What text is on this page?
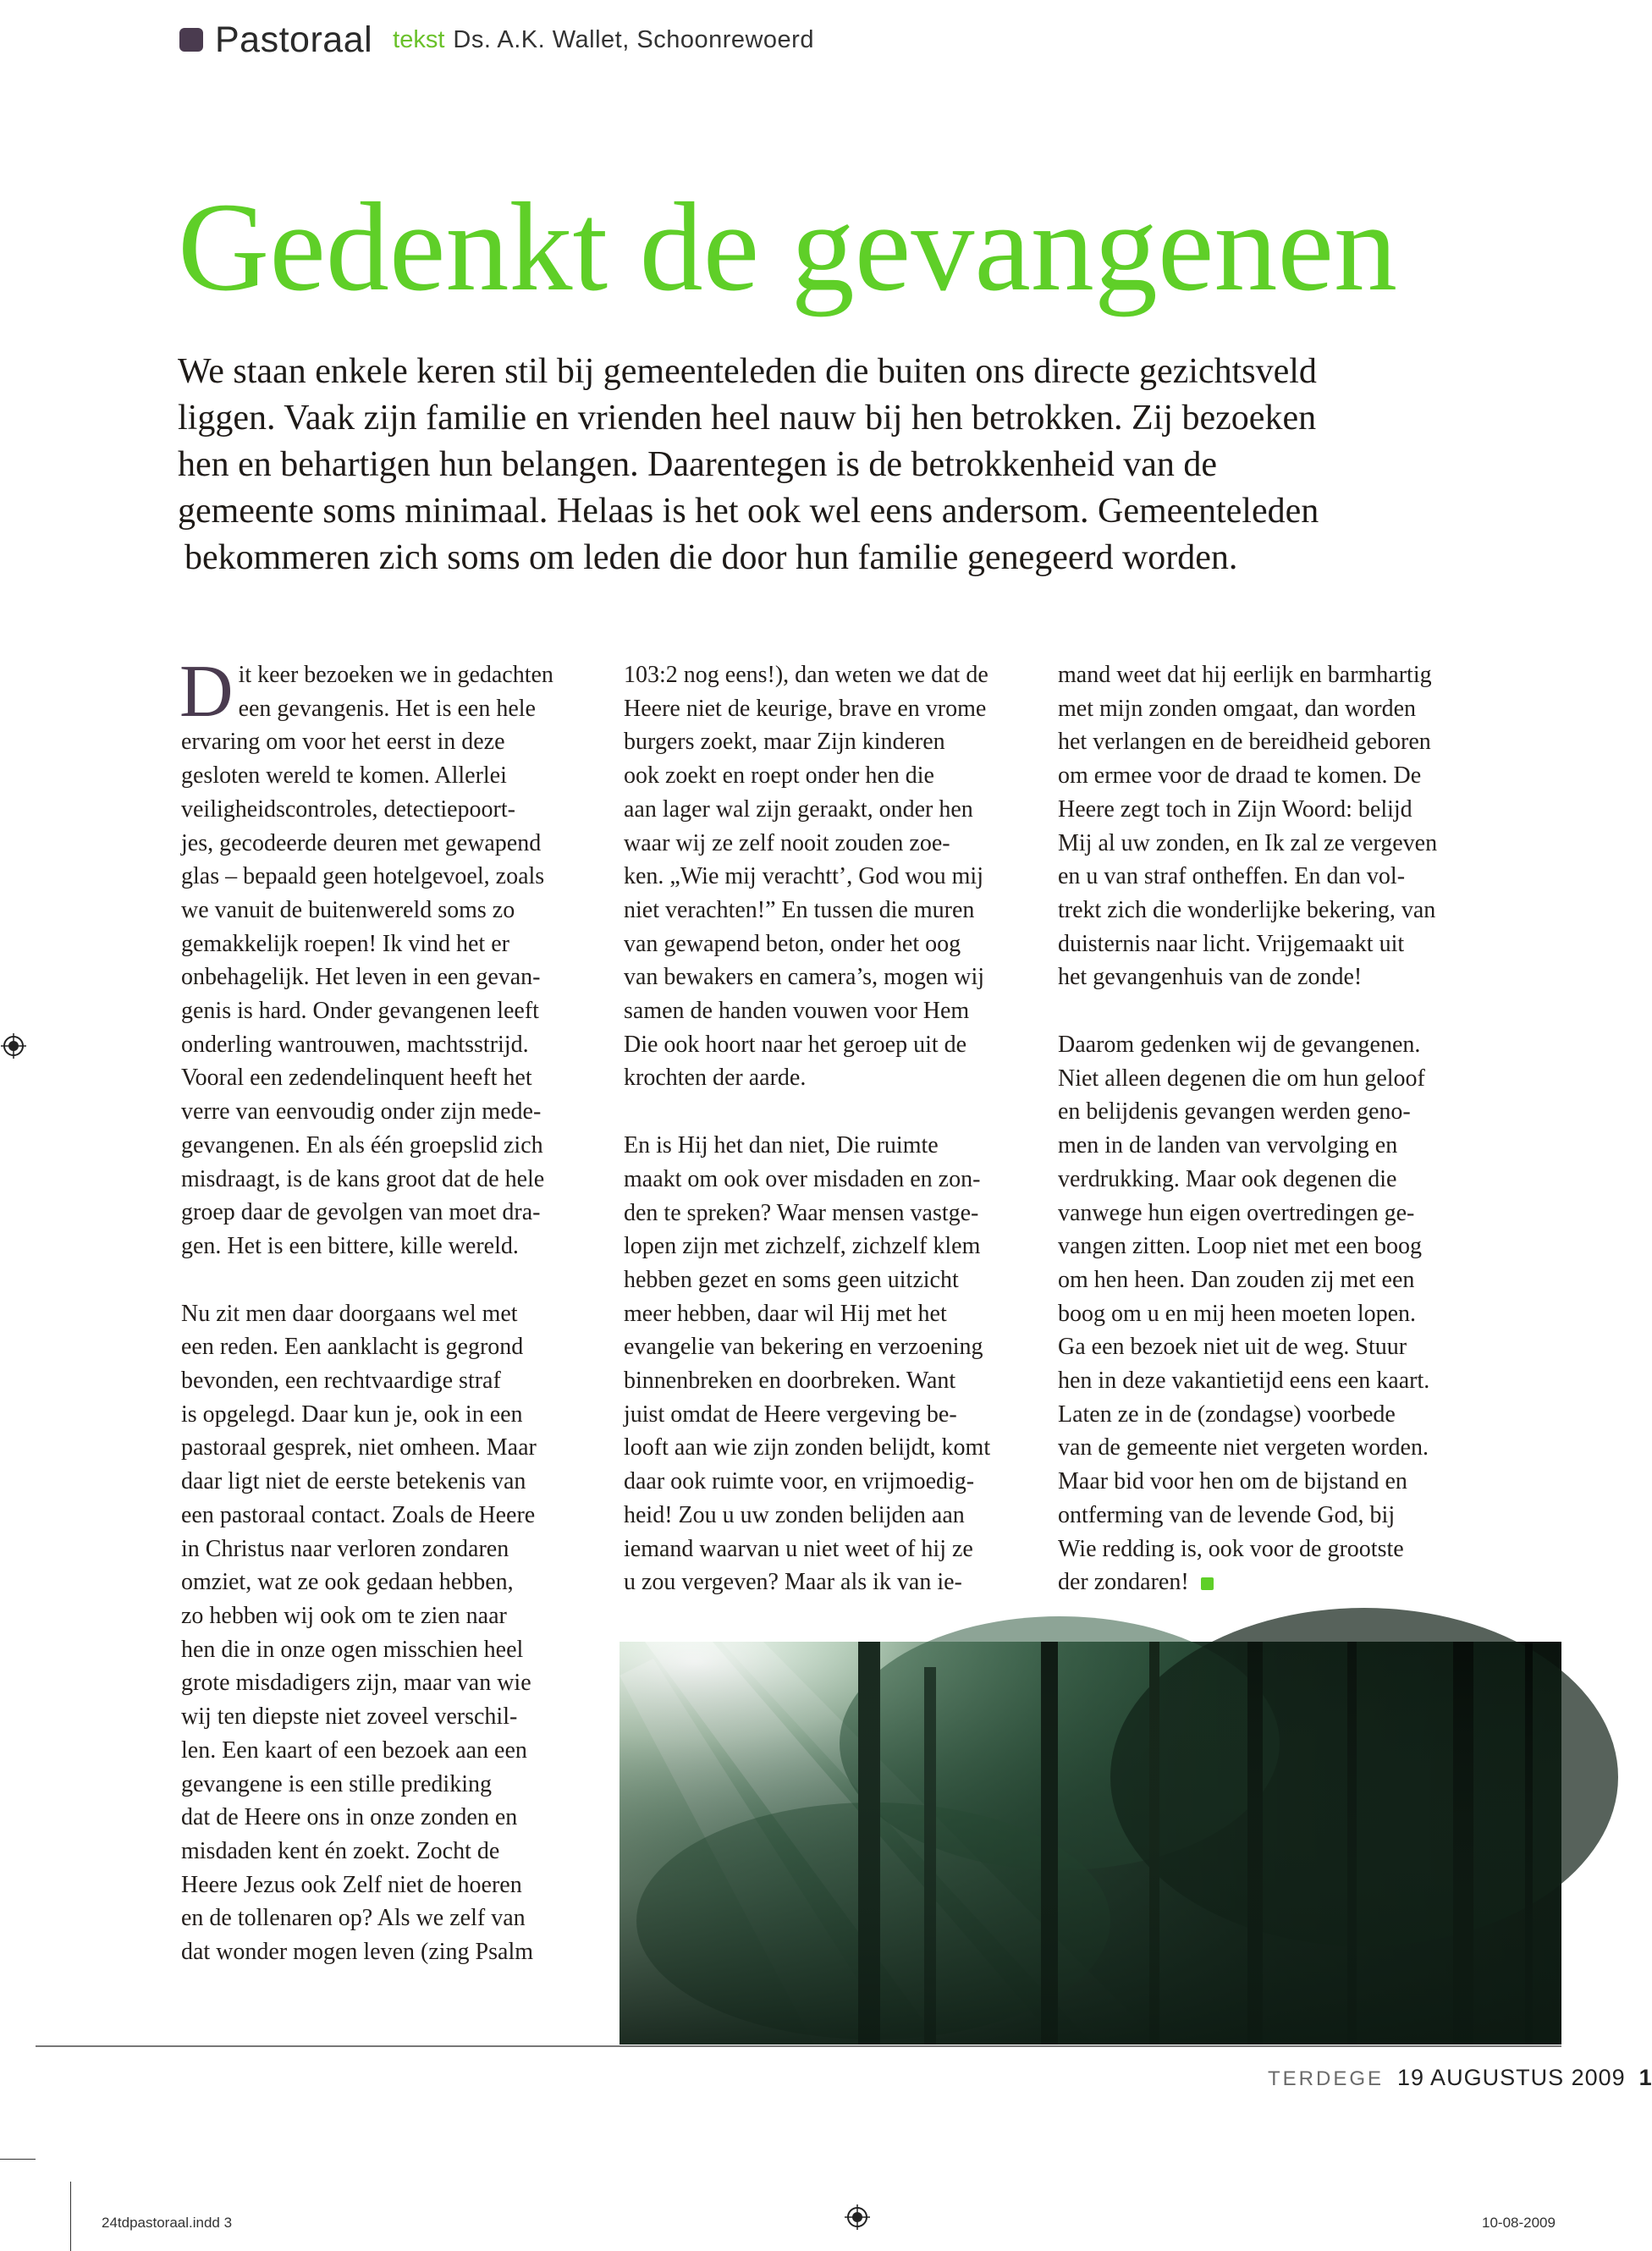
Pastoraal tekst Ds. A.K. Wallet, Schoonrewoerd
Gedenkt de gevangenen
We staan enkele keren stil bij gemeenteleden die buiten ons directe gezichtsveld
liggen. Vaak zijn familie en vrienden heel nauw bij hen betrokken. Zij bezoeken
hen en behartigen hun belangen. Daarentegen is de betrokkenheid van de
gemeente soms minimaal. Helaas is het ook wel eens andersom. Gemeenteleden
bekommeren zich soms om leden die door hun familie genegeerd worden.
D it keer bezoeken we in gedachten
een gevangenis. Het is een hele
ervaring om voor het eerst in deze
gesloten wereld te komen. Allerlei
veiligheidscontroles, detectiepoort-
jes, gecodeerde deuren met gewapend
glas – bepaald geen hotelgevoel, zoals
we vanuit de buitenwereld soms zo
gemakkelijk roepen! Ik vind het er
onbehagelijk. Het leven in een gevan-
genis is hard. Onder gevangenen leeft
onderling wantrouwen, machtsstrijd.
Vooral een zedendelinquent heeft het
verre van eenvoudig onder zijn mede-
gevangenen. En als één groepslid zich
misdraagt, is de kans groot dat de hele
groep daar de gevolgen van moet dra-
gen. Het is een bittere, kille wereld.
Nu zit men daar doorgaans wel met
een reden. Een aanklacht is gegrond
bevonden, een rechtvaardige straf
is opgelegd. Daar kun je, ook in een
pastoraal gesprek, niet omheen. Maar
daar ligt niet de eerste betekenis van
een pastoraal contact. Zoals de Heere
in Christus naar verloren zondaren
omziet, wat ze ook gedaan hebben,
zo hebben wij ook om te zien naar
hen die in onze ogen misschien heel
grote misdadigers zijn, maar van wie
wij ten diepste niet zoveel verschil-
len. Een kaart of een bezoek aan een
gevangene is een stille prediking
dat de Heere ons in onze zonden en
misdaden kent én zoekt. Zocht de
Heere Jezus ook Zelf niet de hoeren
en de tollenaren op? Als we zelf van
dat wonder mogen leven (zing Psalm
103:2 nog eens!), dan weten we dat de
Heere niet de keurige, brave en vrome
burgers zoekt, maar Zijn kinderen
ook zoekt en roept onder hen die
aan lager wal zijn geraakt, onder hen
waar wij ze zelf nooit zouden zoe-
ken. „Wie mij verachtt’, God wou mij
niet verachten!” En tussen die muren
van gewapend beton, onder het oog
van bewakers en camera’s, mogen wij
samen de handen vouwen voor Hem
Die ook hoort naar het geroep uit de
krochten der aarde.
En is Hij het dan niet, Die ruimte
maakt om ook over misdaden en zon-
den te spreken? Waar mensen vastge-
lopen zijn met zichzelf, zichzelf klem
hebben gezet en soms geen uitzicht
meer hebben, daar wil Hij met het
evangelie van bekering en verzoening
binnenbreken en doorbreken. Want
juist omdat de Heere vergeving be-
looft aan wie zijn zonden belijdt, komt
daar ook ruimte voor, en vrijmoedig-
heid! Zou u uw zonden belijden aan
iemand waarvan u niet weet of hij ze
u zou vergeven? Maar als ik van ie-
mand weet dat hij eerlijk en barmhartig
met mijn zonden omgaat, dan worden
het verlangen en de bereidheid geboren
om ermee voor de draad te komen. De
Heere zegt toch in Zijn Woord: belijd
Mij al uw zonden, en Ik zal ze vergeven
en u van straf ontheffen. En dan vol-
trekt zich die wonderlijke bekering, van
duisternis naar licht. Vrijgemaakt uit
het gevangenhuis van de zonde!
Daarom gedenken wij de gevangenen.
Niet alleen degenen die om hun geloof
en belijdenis gevangen werden geno-
men in de landen van vervolging en
verdrukking. Maar ook degenen die
vanwege hun eigen overtredingen ge-
vangen zitten. Loop niet met een boog
om hen heen. Dan zouden zij met een
boog om u en mij heen moeten lopen.
Ga een bezoek niet uit de weg. Stuur
hen in deze vakantietijd eens een kaart.
Laten ze in de (zondagse) voorbede
van de gemeente niet vergeten worden.
Maar bid voor hen om de bijstand en
ontferming van de levende God, bij
Wie redding is, ook voor de grootste
der zondaren!
TERDEGE 19 AUGUSTUS 2009 1
24tdpastoraal.indd 3	10-08-2009
